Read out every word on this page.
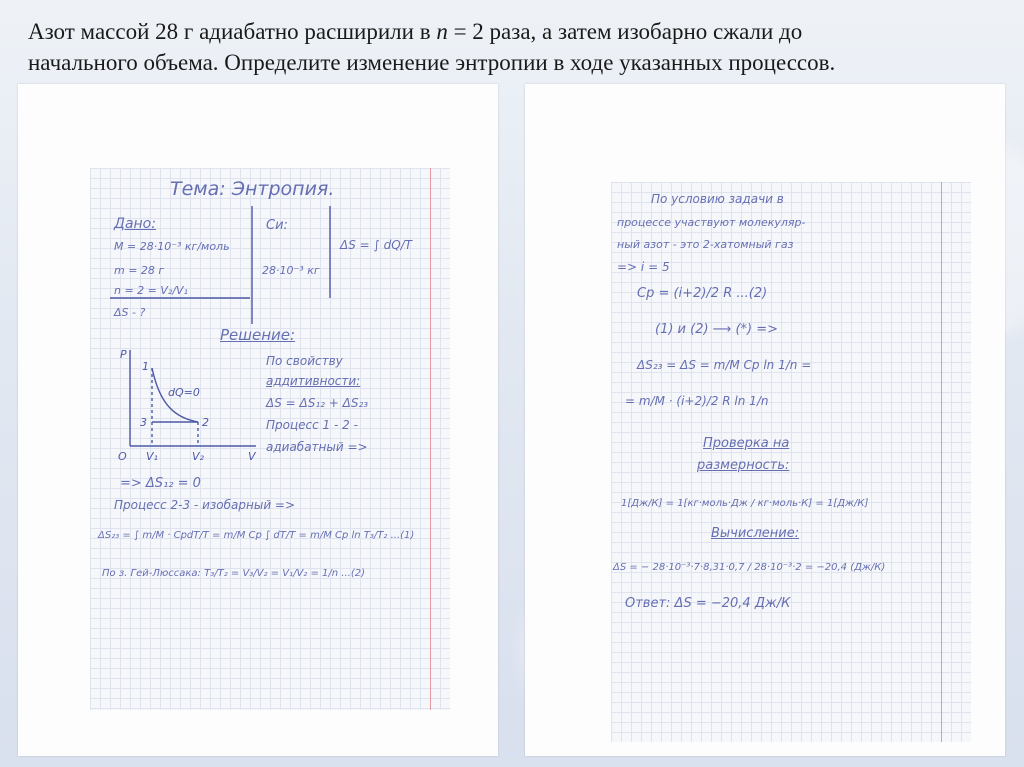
Азот массой 28 г адиабатно расширили в n = 2 раза, а затем изобарно сжали до
начального объема. Определите изменение энтропии в ходе указанных процессов.
Тема: Энтропия.
Дано:
M = 28·10⁻³ кг/моль
m = 28 г
n = 2 = V₂/V₁
ΔS - ?
Си:
28·10⁻³ кг
ΔS = ∫ dQ/T
Решение:
По свойству
аддитивности:
ΔS = ΔS₁₂ + ΔS₂₃
Процесс 1 - 2 -
адиабатный =>
=> ΔS₁₂ = 0
Процесс 2-3 - изобарный =>
ΔS₂₃ = ∫ m/M · CpdT/T = m/M Cp ∫ dT/T = m/M Cp ln T₃/T₂ ...(1)
По з. Гей-Люссака: T₃/T₂ = V₃/V₂ = V₁/V₂ = 1/n ...(2)
P
V
O V₁	V₂
1
2
3
dQ=0
По условию задачи в
процессе участвуют молекуляр-
ный азот - это 2-хатомный газ
=> i = 5
Cp = (i+2)/2 R ...(2)
(1) и (2) ⟶ (*) =>
ΔS₂₃ = ΔS = m/M Cp ln 1/n =
= m/M · (i+2)/2 R ln 1/n
Проверка на
размерность:
1[Дж/К] = 1[кг·моль·Дж / кг·моль·К] = 1[Дж/К]
Вычисление:
ΔS = − 28·10⁻³·7·8,31·0,7 / 28·10⁻³·2 = −20,4 (Дж/К)
Ответ: ΔS = −20,4 Дж/К
